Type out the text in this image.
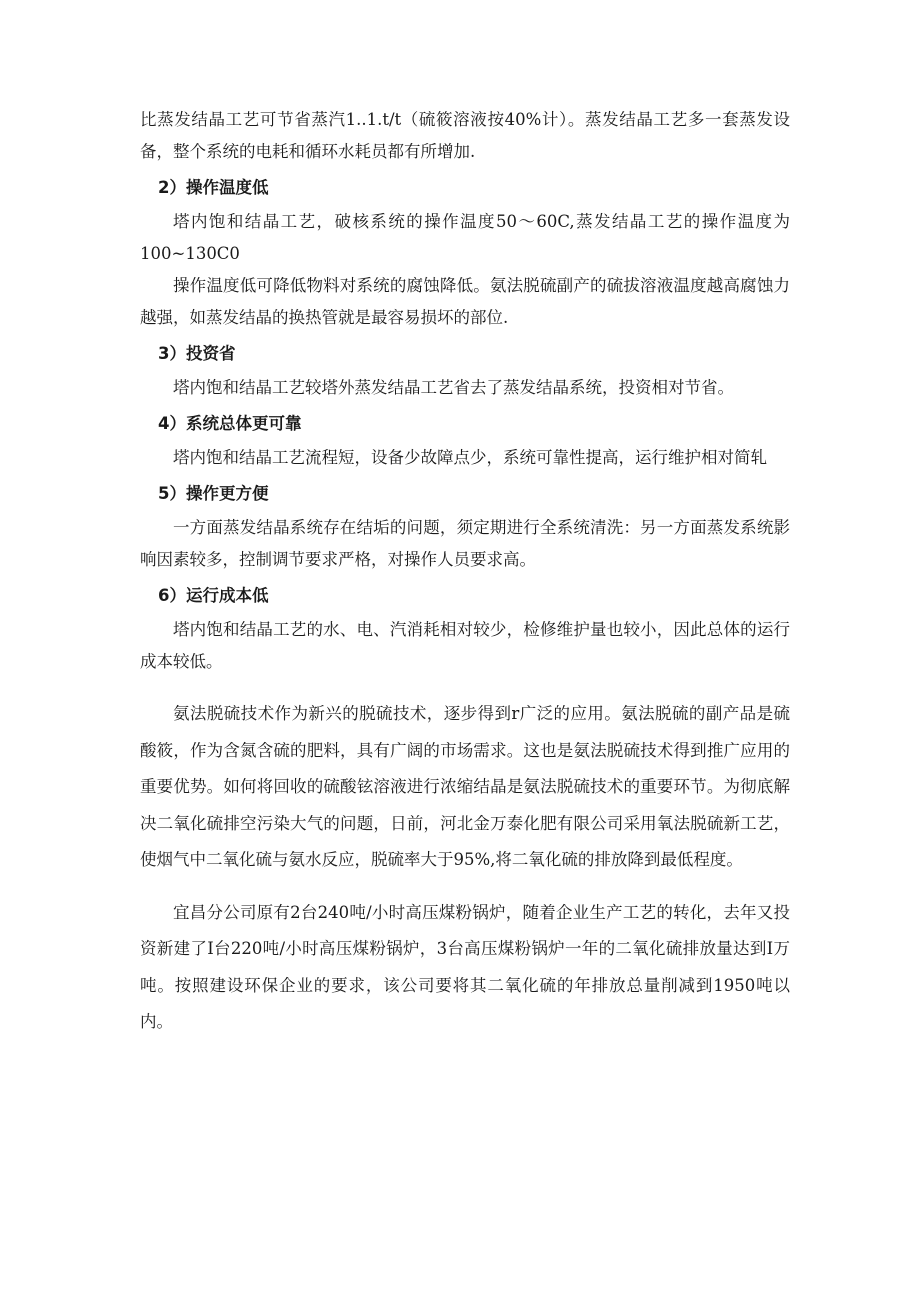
比蒸发结晶工艺可节省蒸汽1..1.t/t（硫筱溶液按40%计）。蒸发结晶工艺多一套蒸发设备，整个系统的电耗和循环水耗员都有所增加.

2）操作温度低

塔内饱和结晶工艺，破核系统的操作温度50～60C,蒸发结晶工艺的操作温度为100~130C0

操作温度低可降低物料对系统的腐蚀降低。氨法脱硫副产的硫拔溶液温度越高腐蚀力越强，如蒸发结晶的换热管就是最容易损坏的部位.

3）投资省

塔内饱和结晶工艺较塔外蒸发结晶工艺省去了蒸发结晶系统，投资相对节省。

4）系统总体更可靠

塔内饱和结晶工艺流程短，设备少故障点少，系统可靠性提高，运行维护相对简轧

5）操作更方便

一方面蒸发结晶系统存在结垢的问题，须定期进行全系统清洗：另一方面蒸发系统影响因素较多，控制调节要求严格，对操作人员要求高。

6）运行成本低

塔内饱和结晶工艺的水、电、汽消耗相对较少，检修维护量也较小，因此总体的运行成本较低。

氨法脱硫技术作为新兴的脱硫技术，逐步得到r广泛的应用。氨法脱硫的副产品是硫酸筱，作为含氮含硫的肥料，具有广阔的市场需求。这也是氨法脱硫技术得到推广应用的重要优势。如何将回收的硫酸铉溶液进行浓缩结晶是氨法脱硫技术的重要环节。为彻底解决二氧化硫排空污染大气的问题，日前，河北金万泰化肥有限公司采用氧法脱硫新工艺，使烟气中二氧化硫与氨水反应，脱硫率大于95%,将二氧化硫的排放降到最低程度。

宜昌分公司原有2台240吨/小时高压煤粉锅炉，随着企业生产工艺的转化，去年又投资新建了I台220吨/小时高压煤粉锅炉，3台高压煤粉锅炉一年的二氧化硫排放量达到I万吨。按照建设环保企业的要求，该公司要将其二氧化硫的年排放总量削减到1950吨以内。
